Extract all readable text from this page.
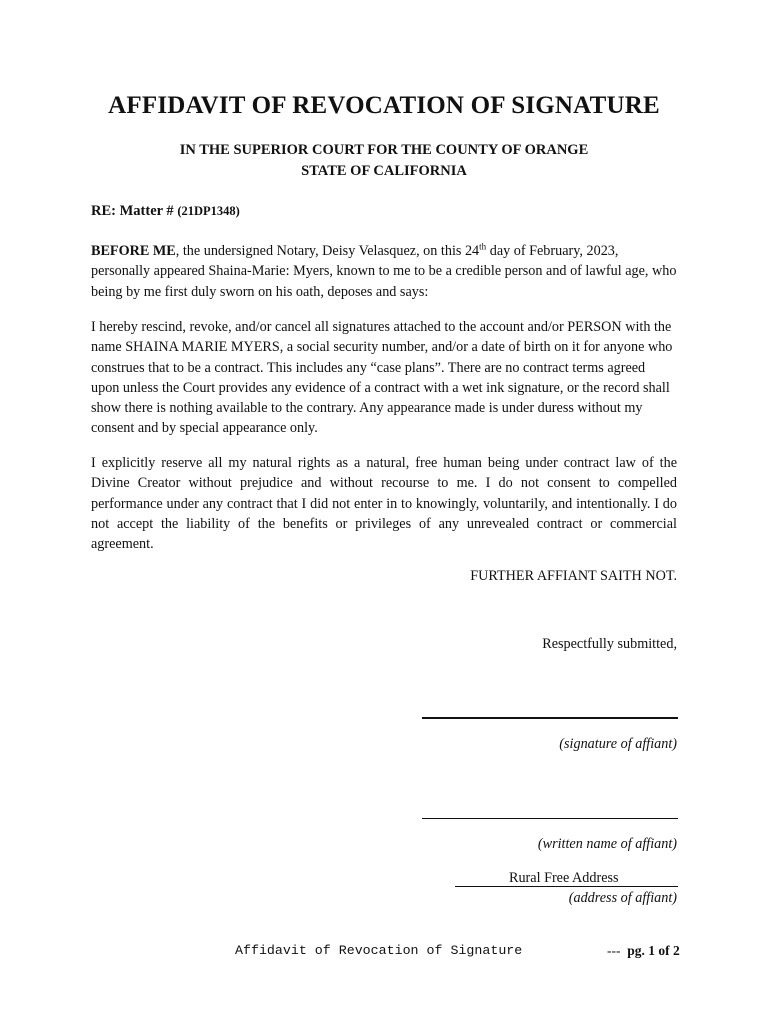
AFFIDAVIT OF REVOCATION OF SIGNATURE
IN THE SUPERIOR COURT FOR THE COUNTY OF ORANGE
STATE OF CALIFORNIA
RE: Matter # (21DP1348)

BEFORE ME, the undersigned Notary, Deisy Velasquez, on this 24th day of February, 2023, personally appeared Shaina-Marie: Myers, known to me to be a credible person and of lawful age, who being by me first duly sworn on his oath, deposes and says:

I hereby rescind, revoke, and/or cancel all signatures attached to the account and/or PERSON with the name SHAINA MARIE MYERS, a social security number, and/or a date of birth on it for anyone who construes that to be a contract. This includes any “case plans”. There are no contract terms agreed upon unless the Court provides any evidence of a contract with a wet ink signature, or the record shall show there is nothing available to the contrary. Any appearance made is under duress without my consent and by special appearance only.

I explicitly reserve all my natural rights as a natural, free human being under contract law of the Divine Creator without prejudice and without recourse to me. I do not consent to compelled performance under any contract that I did not enter in to knowingly, voluntarily, and intentionally. I do not accept the liability of the benefits or privileges of any unrevealed contract or commercial agreement.

FURTHER AFFIANT SAITH NOT.
Respectfully submitted,
(signature of affiant)
(written name of affiant)
Rural Free Address
(address of affiant)
Affidavit of Revocation of Signature	--- pg. 1 of 2
